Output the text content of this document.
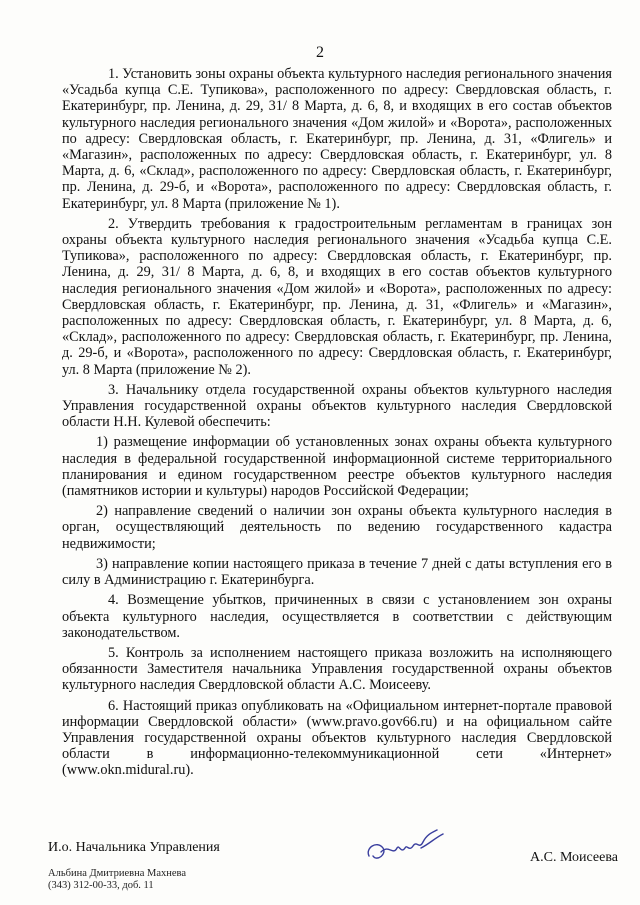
2

1. Установить зоны охраны объекта культурного наследия регионального значения «Усадьба купца С.Е. Тупикова», расположенного по адресу: Свердловская область, г. Екатеринбург, пр. Ленина, д. 29, 31/ 8 Марта, д. 6, 8, и входящих в его состав объектов культурного наследия регионального значения «Дом жилой» и «Ворота», расположенных по адресу: Свердловская область, г. Екатеринбург, пр. Ленина, д. 31, «Флигель» и «Магазин», расположенных по адресу: Свердловская область, г. Екатеринбург, ул. 8 Марта, д. 6, «Склад», расположенного по адресу: Свердловская область, г. Екатеринбург, пр. Ленина, д. 29-б, и «Ворота», расположенного по адресу: Свердловская область, г. Екатеринбург, ул. 8 Марта (приложение № 1).

2. Утвердить требования к градостроительным регламентам в границах зон охраны объекта культурного наследия регионального значения «Усадьба купца С.Е. Тупикова», расположенного по адресу: Свердловская область, г. Екатеринбург, пр. Ленина, д. 29, 31/ 8 Марта, д. 6, 8, и входящих в его состав объектов культурного наследия регионального значения «Дом жилой» и «Ворота», расположенных по адресу: Свердловская область, г. Екатеринбург, пр. Ленина, д. 31, «Флигель» и «Магазин», расположенных по адресу: Свердловская область, г. Екатеринбург, ул. 8 Марта, д. 6, «Склад», расположенного по адресу: Свердловская область, г. Екатеринбург, пр. Ленина, д. 29-б, и «Ворота», расположенного по адресу: Свердловская область, г. Екатеринбург, ул. 8 Марта (приложение № 2).

3. Начальнику отдела государственной охраны объектов культурного наследия Управления государственной охраны объектов культурного наследия Свердловской области Н.Н. Кулевой обеспечить:

1) размещение информации об установленных зонах охраны объекта культурного наследия в федеральной государственной информационной системе территориального планирования и едином государственном реестре объектов культурного наследия (памятников истории и культуры) народов Российской Федерации;

2) направление сведений о наличии зон охраны объекта культурного наследия в орган, осуществляющий деятельность по ведению государственного кадастра недвижимости;

3) направление копии настоящего приказа в течение 7 дней с даты вступления его в силу в Администрацию г. Екатеринбурга.

4. Возмещение убытков, причиненных в связи с установлением зон охраны объекта культурного наследия, осуществляется в соответствии с действующим законодательством.

5. Контроль за исполнением настоящего приказа возложить на исполняющего обязанности Заместителя начальника Управления государственной охраны объектов культурного наследия Свердловской области А.С. Моисееву.

6. Настоящий приказ опубликовать на «Официальном интернет-портале правовой информации Свердловской области» (www.pravo.gov66.ru) и на официальном сайте Управления государственной охраны объектов культурного наследия Свердловской области в информационно-телекоммуникационной сети «Интернет» (www.okn.midural.ru).

И.о. Начальника Управления
А.С. Моисеева
Альбина Дмитриевна Махнева
(343) 312-00-33, доб. 11
